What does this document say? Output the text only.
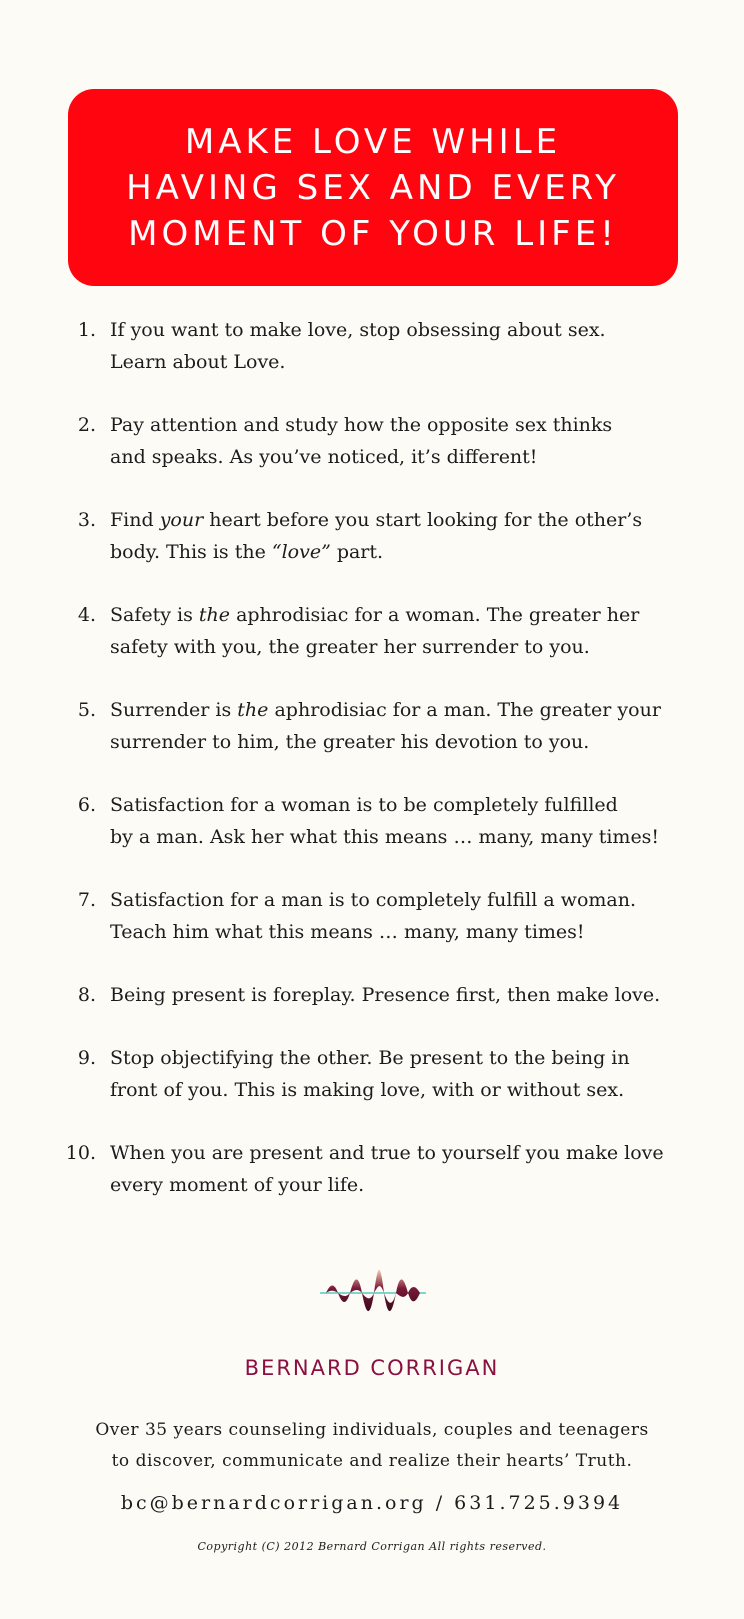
MAKE LOVE WHILE
HAVING SEX AND EVERY
MOMENT OF YOUR LIFE!
1. If you want to make love, stop obsessing about sex.
Learn about Love.
2. Pay attention and study how the opposite sex thinks
and speaks. As you’ve noticed, it’s different!
3. Find your heart before you start looking for the other’s
body. This is the “love” part.
4. Safety is the aphrodisiac for a woman. The greater her
safety with you, the greater her surrender to you.
5. Surrender is the aphrodisiac for a man. The greater your
surrender to him, the greater his devotion to you.
6. Satisfaction for a woman is to be completely fulfilled
by a man. Ask her what this means … many, many times!
7. Satisfaction for a man is to completely fulfill a woman.
Teach him what this means … many, many times!
8. Being present is foreplay. Presence first, then make love.
9. Stop objectifying the other. Be present to the being in
front of you. This is making love, with or without sex.
10. When you are present and true to yourself you make love
every moment of your life.
BERNARD CORRIGAN
Over 35 years counseling individuals, couples and teenagers
to discover, communicate and realize their hearts’ Truth.
bc@bernardcorrigan.org / 631.725.9394
Copyright (C) 2012 Bernard Corrigan All rights reserved.
